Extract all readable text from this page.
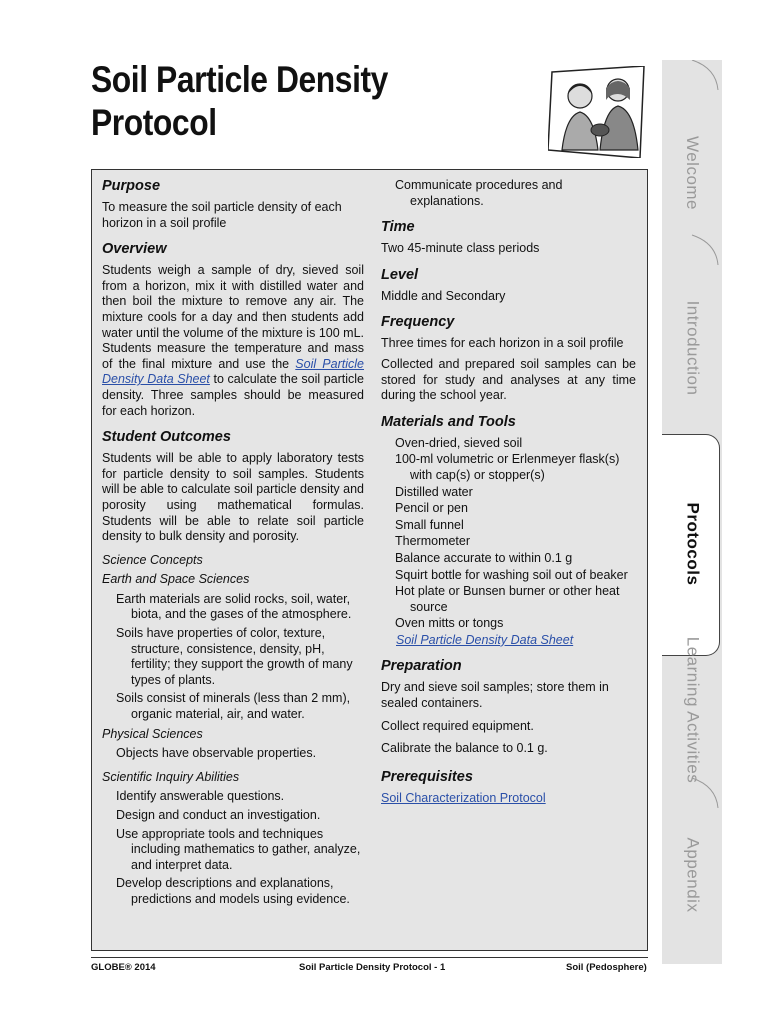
Soil Particle Density
Protocol
Purpose

To measure the soil particle density of each horizon in a soil profile

Overview

Students weigh a sample of dry, sieved soil from a horizon, mix it with distilled water and then boil the mixture to remove any air. The mixture cools for a day and then students add water until the volume of the mixture is 100 mL. Students measure the temperature and mass of the final mixture and use the Soil Particle Density Data Sheet to calculate the soil particle density. Three samples should be measured for each horizon.

Student Outcomes

Students will be able to apply laboratory tests for particle density to soil samples. Students will be able to calculate soil particle density and porosity using mathematical formulas. Students will be able to relate soil particle density to bulk density and porosity.

Science Concepts
Earth and Space Sciences

Earth materials are solid rocks, soil, water, biota, and the gases of the atmosphere.

Soils have properties of color, texture, structure, consistence, density, pH, fertility; they support the growth of many types of plants.

Soils consist of minerals (less than 2 mm), organic material, air, and water.

Physical Sciences

Objects have observable properties.

Scientific Inquiry Abilities

Identify answerable questions.

Design and conduct an investigation.

Use appropriate tools and techniques including mathematics to gather, analyze, and interpret data.

Develop descriptions and explanations, predictions and models using evidence.

Communicate procedures and explanations.

Time

Two 45-minute class periods

Level

Middle and Secondary

Frequency

Three times for each horizon in a soil profile

Collected and prepared soil samples can be stored for study and analyses at any time during the school year.

Materials and Tools

Oven-dried, sieved soil

100-ml volumetric or Erlenmeyer flask(s) with cap(s) or stopper(s)

Distilled water

Pencil or pen

Small funnel

Thermometer

Balance accurate to within 0.1 g

Squirt bottle for washing soil out of beaker

Hot plate or Bunsen burner or other heat source

Oven mitts or tongs

Soil Particle Density Data Sheet

Preparation

Dry and sieve soil samples; store them in sealed containers.

Collect required equipment.

Calibrate the balance to 0.1 g.

Prerequisites

Soil Characterization Protocol

GLOBE® 2014	Soil Particle Density Protocol - 1	Soil (Pedosphere)
Welcome
Introduction
Protocols
Learning Activities
Appendix
